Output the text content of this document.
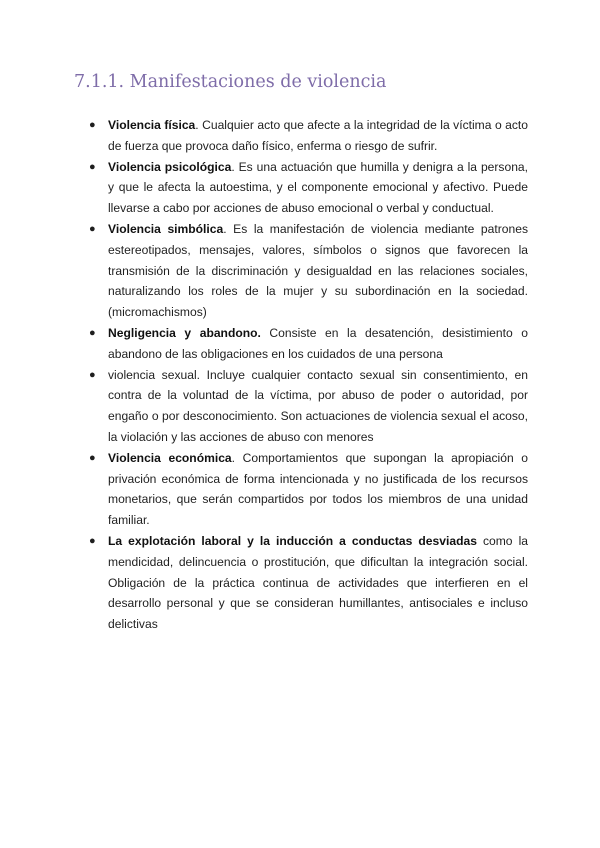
7.1.1. Manifestaciones de violencia
● Violencia física. Cualquier acto que afecte a la integridad de la víctima o acto de fuerza que provoca daño físico, enferma o riesgo de sufrir.
● Violencia psicológica. Es una actuación que humilla y denigra a la persona, y que le afecta la autoestima, y el componente emocional y afectivo. Puede llevarse a cabo por acciones de abuso emocional o verbal y conductual.
● Violencia simbólica. Es la manifestación de violencia mediante patrones estereotipados, mensajes, valores, símbolos o signos que favorecen la transmisión de la discriminación y desigualdad en las relaciones sociales, naturalizando los roles de la mujer y su subordinación en la sociedad. (micromachismos)
● Negligencia y abandono. Consiste en la desatención, desistimiento o abandono de las obligaciones en los cuidados de una persona
● violencia sexual. Incluye cualquier contacto sexual sin consentimiento, en contra de la voluntad de la víctima, por abuso de poder o autoridad, por engaño o por desconocimiento. Son actuaciones de violencia sexual el acoso, la violación y las acciones de abuso con menores
● Violencia económica. Comportamientos que supongan la apropiación o privación económica de forma intencionada y no justificada de los recursos monetarios, que serán compartidos por todos los miembros de una unidad familiar.
● La explotación laboral y la inducción a conductas desviadas como la mendicidad, delincuencia o prostitución, que dificultan la integración social. Obligación de la práctica continua de actividades que interfieren en el desarrollo personal y que se consideran humillantes, antisociales e incluso delictivas
